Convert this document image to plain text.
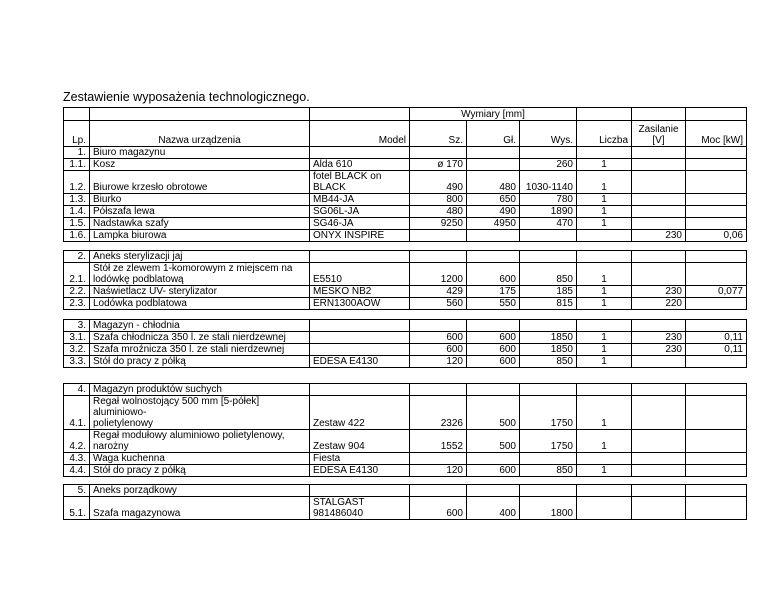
Zestawienie wyposażenia technologicznego.
			Wymiary [mm]					
Lp.	Nazwa urządzenia	Model	Sz.	Gł.	Wys.	Liczba	Zasilanie
[V]	Moc [kW]
1.	Biuro magazynu							
1.1.	Kosz	Alda 610	ø 170		260	1		
1.2.	Biurowe krzesło obrotowe	fotel BLACK on
BLACK	490	480	1030-1140	1		
1.3.	Biurko	MB44-JA	800	650	780	1		
1.4.	Półszafa lewa	SG06L-JA	480	490	1890	1		
1.5.	Nadstawka szafy	SG46-JA	9250	4950	470	1		
1.6.	Lampka biurowa	ONYX INSPIRE					230	0,06
2.	Aneks sterylizacji jaj							
2.1.	Stół ze zlewem 1-komorowym z miejscem na
lodówkę podblatową	E5510	1200	600	850	1		
2.2.	Naświetlacz UV- sterylizator	MESKO NB2	429	175	185	1	230	0,077
2.3.	Lodówka podblatowa	ERN1300AOW	560	550	815	1	220	
3.	Magazyn - chłodnia							
3.1.	Szafa chłodnicza 350 l. ze stali nierdzewnej		600	600	1850	1	230	0,11
3.2.	Szafa mroźnicza 350 l. ze stali nierdzewnej		600	600	1850	1	230	0,11
3.3.	Stół do pracy z półką	EDESA E4130	120	600	850	1		
4.	Magazyn produktów suchych							
4.1.	Regał wolnostojący 500 mm [5-półek] aluminiowo-
polietylenowy	Zestaw 422	2326	500	1750	1		
4.2.	Regał modułowy aluminiowo polietylenowy,
narożny	Zestaw 904	1552	500	1750	1		
4.3.	Waga kuchenna	Fiesta						
4.4.	Stół do pracy z półką	EDESA E4130	120	600	850	1		
5.	Aneks porządkowy							
5.1.	Szafa magazynowa	STALGAST
981486040	600	400	1800			
